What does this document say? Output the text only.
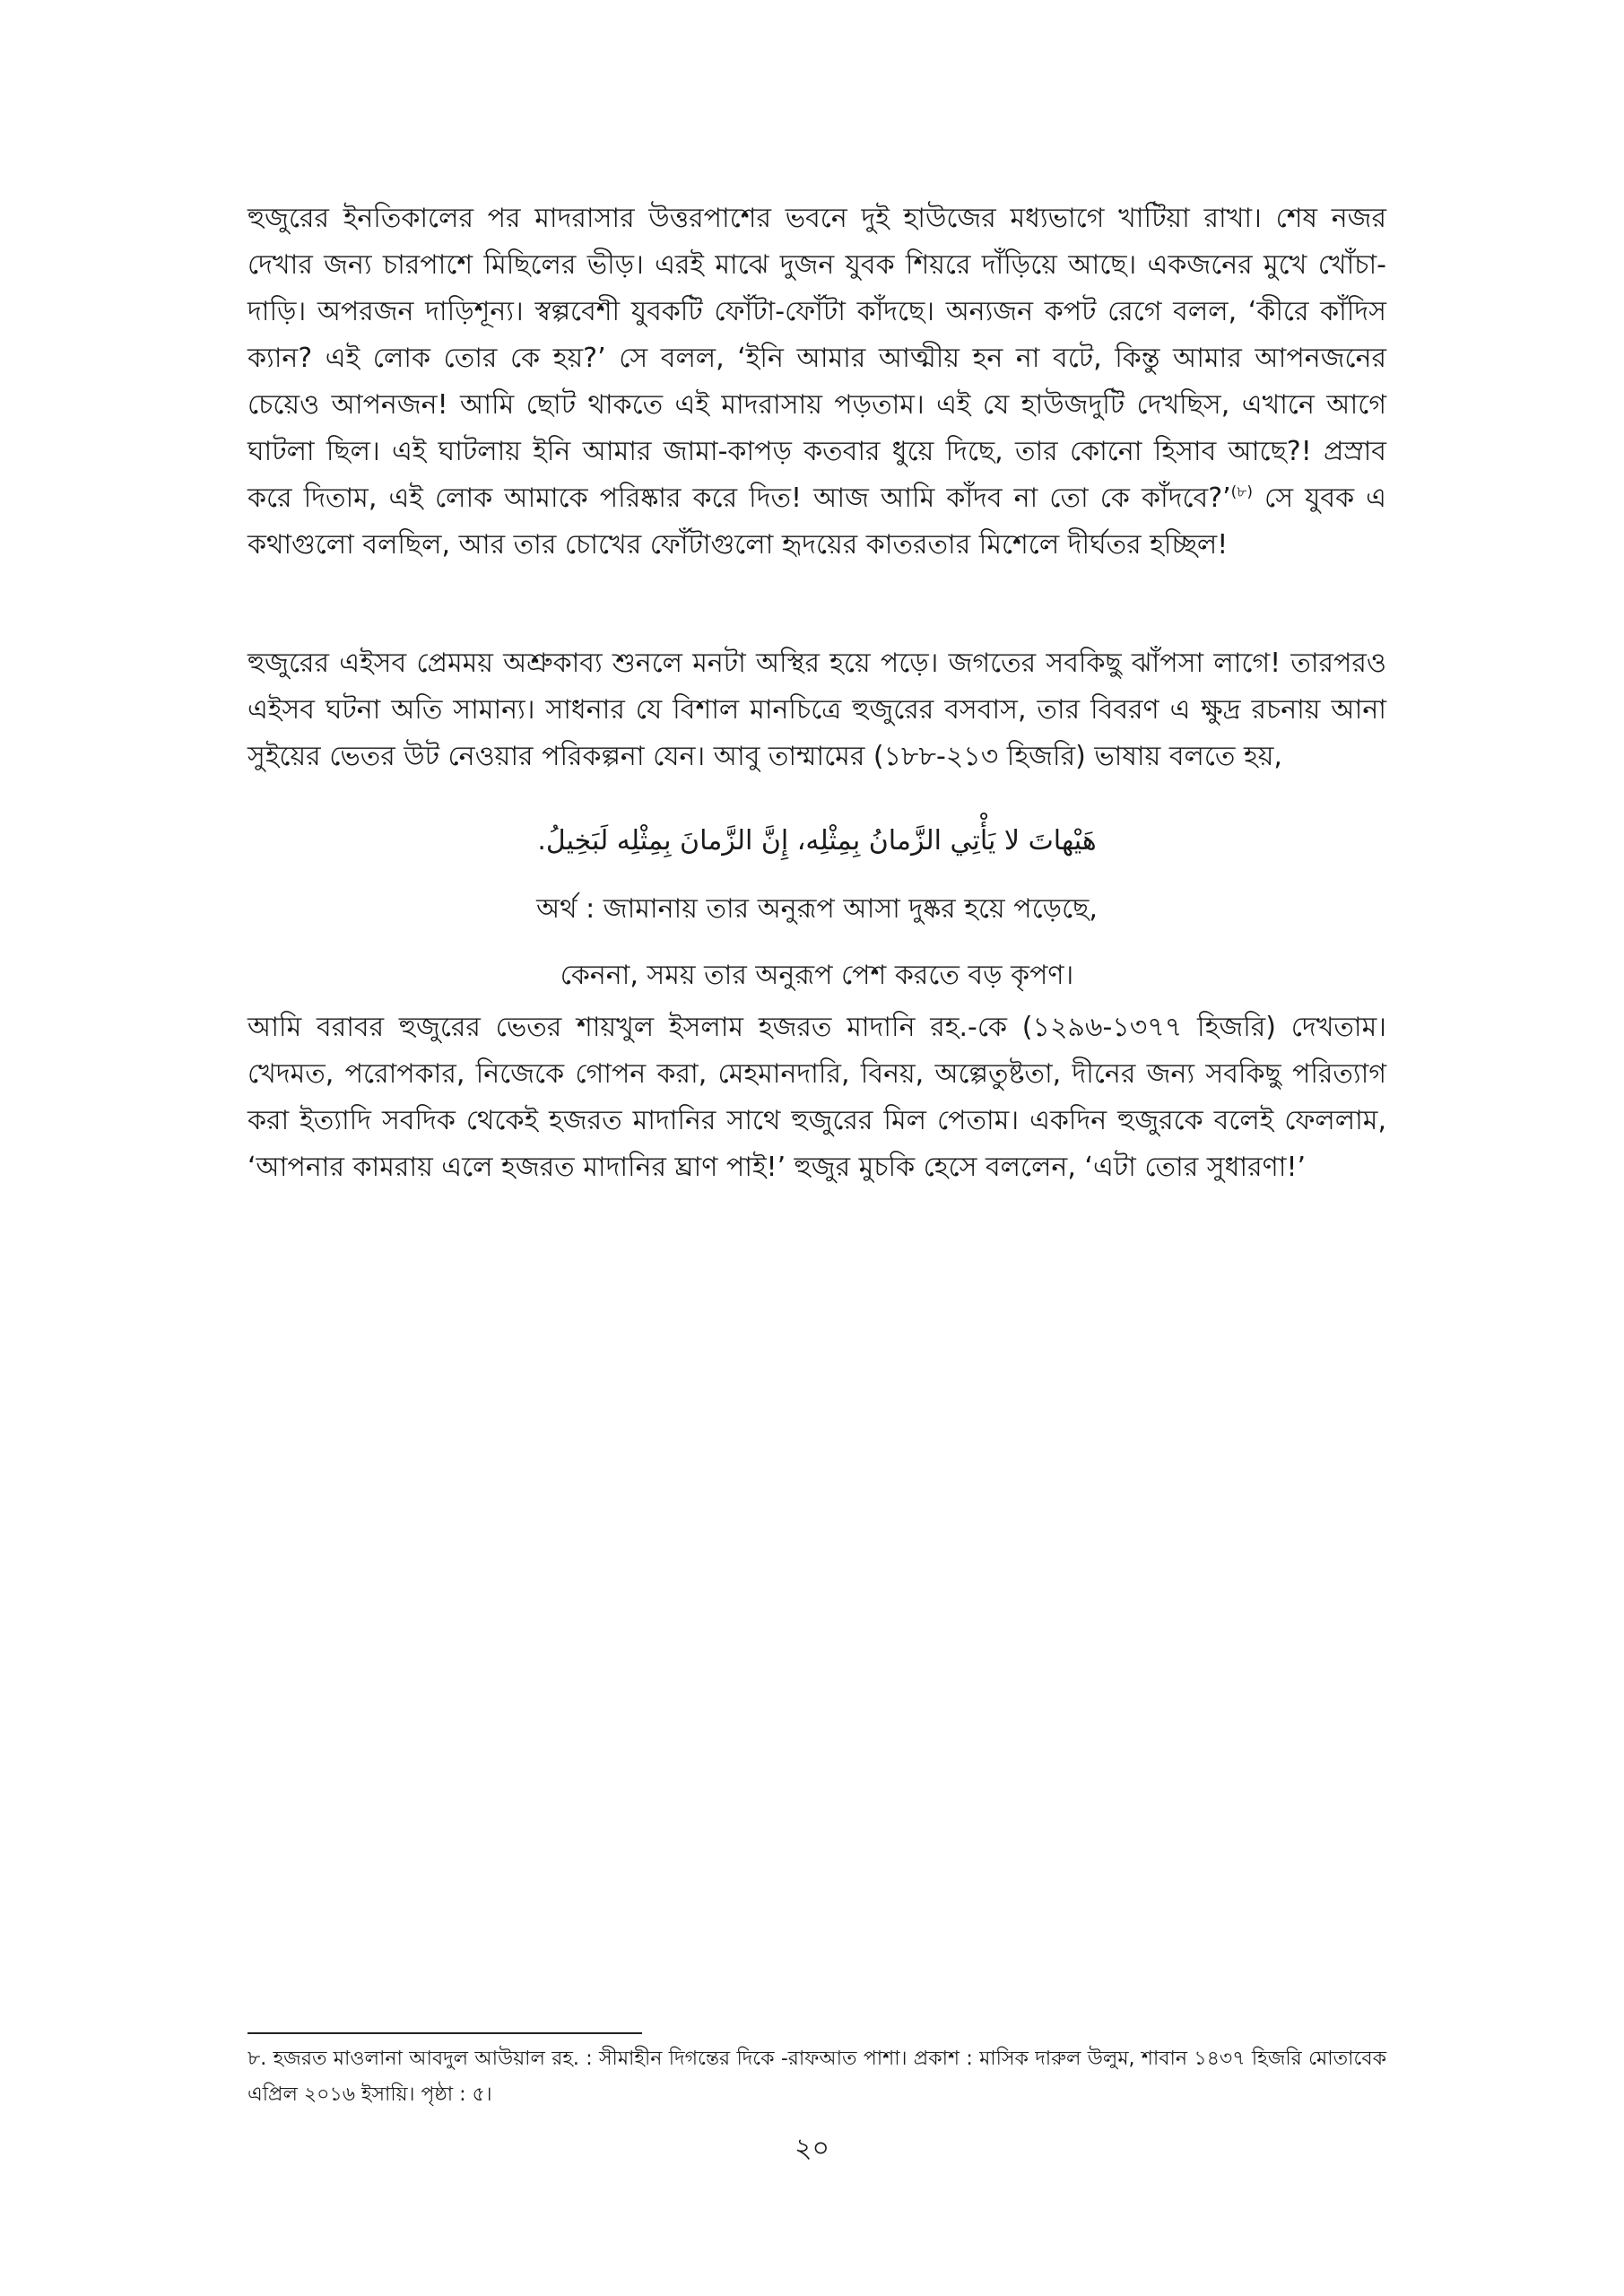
হুজুরের ইনতিকালের পর মাদরাসার উত্তরপাশের ভবনে দুই হাউজের মধ্যভাগে খাটিয়া রাখা। শেষ নজর দেখার জন্য চারপাশে মিছিলের ভীড়। এরই মাঝে দুজন যুবক শিয়রে দাঁড়িয়ে আছে। একজনের মুখে খোঁচা-দাড়ি। অপরজন দাড়িশূন্য। স্বল্পবেশী যুবকটি ফোঁটা-ফোঁটা কাঁদছে। অন্যজন কপট রেগে বলল, ‘কীরে কাঁদিস ক্যান? এই লোক তোর কে হয়?’ সে বলল, ‘ইনি আমার আত্মীয় হন না বটে, কিন্তু আমার আপনজনের চেয়েও আপনজন! আমি ছোট থাকতে এই মাদরাসায় পড়তাম। এই যে হাউজদুটি দেখছিস, এখানে আগে ঘাটলা ছিল। এই ঘাটলায় ইনি আমার জামা-কাপড় কতবার ধুয়ে দিছে, তার কোনো হিসাব আছে?! প্রস্রাব করে দিতাম, এই লোক আমাকে পরিষ্কার করে দিত! আজ আমি কাঁদব না তো কে কাঁদবে?’$^{(৮)}$ সে যুবক এ কথাগুলো বলছিল, আর তার চোখের ফোঁটাগুলো হৃদয়ের কাতরতার মিশেলে দীর্ঘতর হচ্ছিল!

হুজুরের এইসব প্রেমময় অশ্রুকাব্য শুনলে মনটা অস্থির হয়ে পড়ে। জগতের সবকিছু ঝাঁপসা লাগে! তারপরও এইসব ঘটনা অতি সামান্য। সাধনার যে বিশাল মানচিত্রে হুজুরের বসবাস, তার বিবরণ এ ক্ষুদ্র রচনায় আনা সুইয়ের ভেতর উট নেওয়ার পরিকল্পনা যেন। আবু তাম্মামের (১৮৮-২১৩ হিজরি) ভাষায় বলতে হয়,

هَيْهاتَ لا يَأْتِي الزَّمانُ بِمِثْلِه، إِنَّ الزَّمانَ بِمِثْلِه لَبَخِيلُ.
অর্থ : জামানায় তার অনুরূপ আসা দুষ্কর হয়ে পড়েছে,
কেননা, সময় তার অনুরূপ পেশ করতে বড় কৃপণ।

আমি বরাবর হুজুরের ভেতর শায়খুল ইসলাম হজরত মাদানি রহ.-কে (১২৯৬-১৩৭৭ হিজরি) দেখতাম। খেদমত, পরোপকার, নিজেকে গোপন করা, মেহমানদারি, বিনয়, অল্পেতুষ্টতা, দীনের জন্য সবকিছু পরিত্যাগ করা ইত্যাদি সবদিক থেকেই হজরত মাদানির সাথে হুজুরের মিল পেতাম। একদিন হুজুরকে বলেই ফেললাম, ‘আপনার কামরায় এলে হজরত মাদানির ঘ্রাণ পাই!’ হুজুর মুচকি হেসে বললেন, ‘এটা তোর সুধারণা!’

৮. হজরত মাওলানা আবদুল আউয়াল রহ. : সীমাহীন দিগন্তের দিকে -রাফআত পাশা। প্রকাশ : মাসিক দারুল উলুম, শাবান ১৪৩৭ হিজরি মোতাবেক এপ্রিল ২০১৬ ইসায়ি। পৃষ্ঠা : ৫।

২০
